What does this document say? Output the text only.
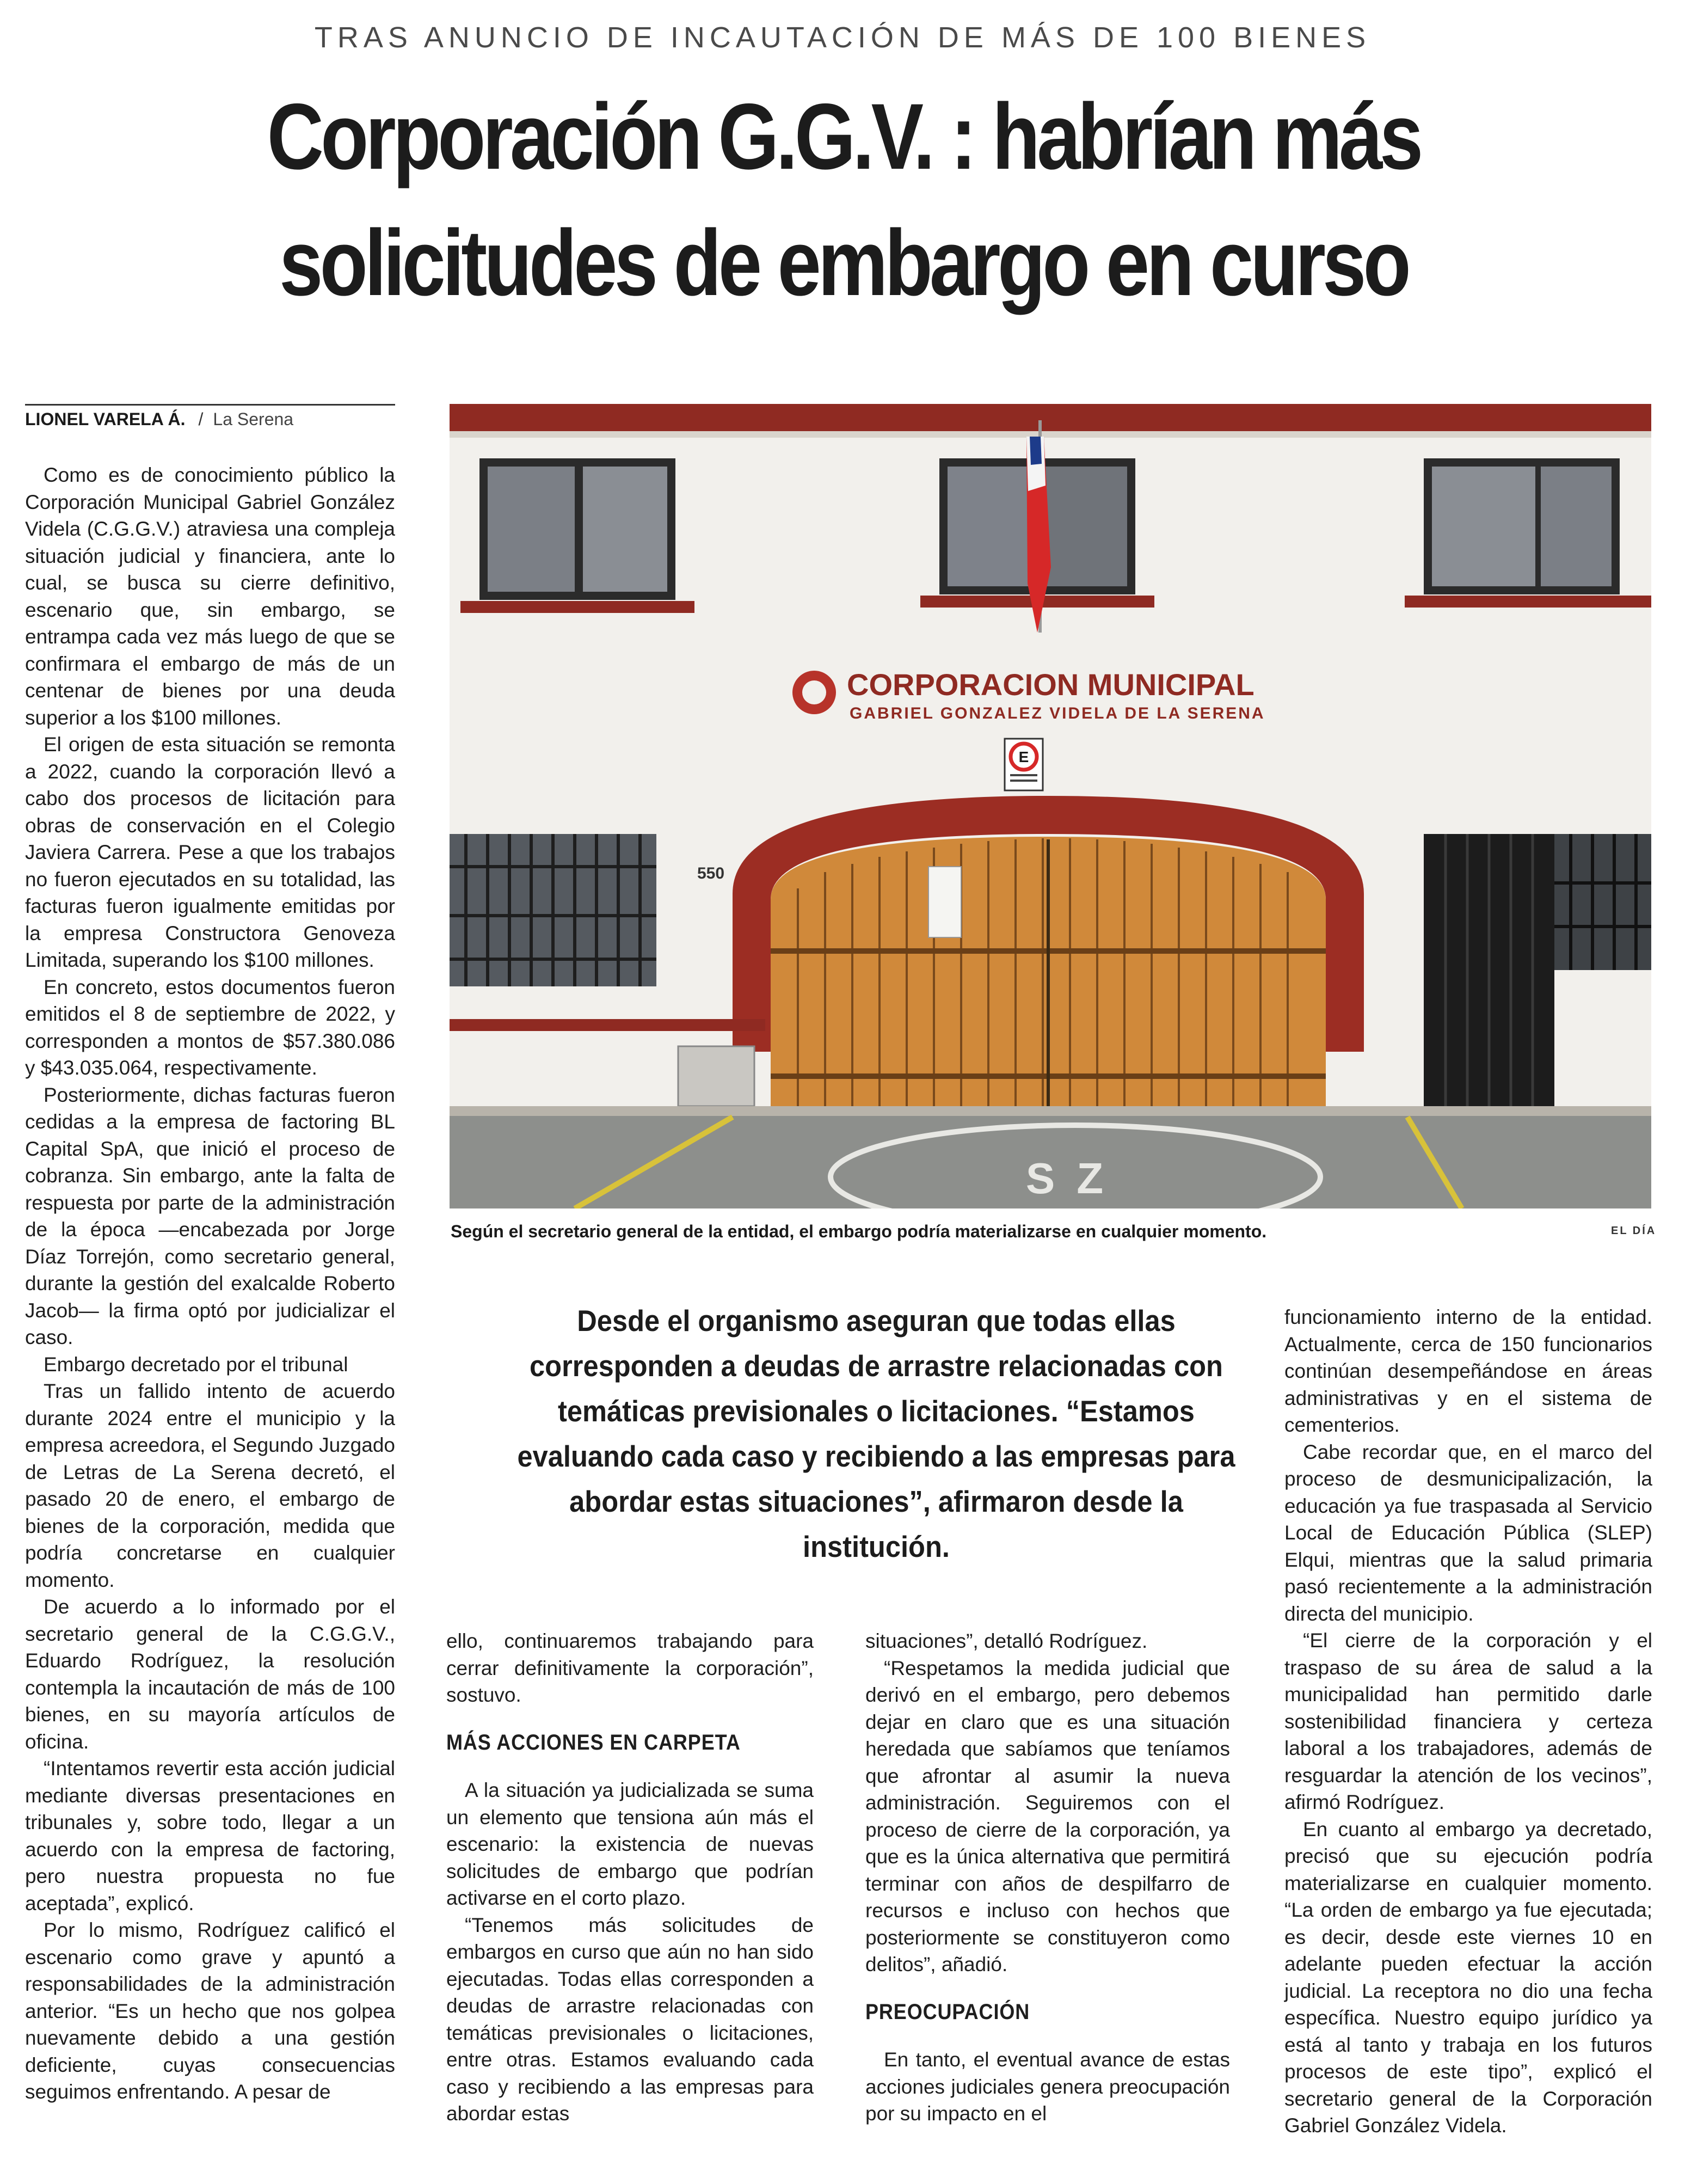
TRAS ANUNCIO DE INCAUTACIÓN DE MÁS DE 100 BIENES
Corporación G.G.V. : habrían más
solicitudes de embargo en curso
LIONEL VARELA Á. / La Serena
CORPORACION MUNICIPAL
GABRIEL GONZALEZ VIDELA DE LA SERENA
E
550
SZ
Según el secretario general de la entidad, el embargo podría materializarse en cualquier momento.	EL DÍA
Desde el organismo aseguran que todas ellas corresponden a deudas de arrastre relacionadas con temáticas previsionales o licitaciones. “Estamos evaluando cada caso y recibiendo a las empresas para abordar estas situaciones”, afirmaron desde la institución.

Como es de conocimiento público la Corporación Municipal Gabriel González Videla (C.G.G.V.) atraviesa una compleja situación judicial y financiera, ante lo cual, se busca su cierre definitivo, escenario que, sin embargo, se entrampa cada vez más luego de que se confirmara el embargo de más de un centenar de bienes por una deuda superior a los $100 millones.

El origen de esta situación se remonta a 2022, cuando la corporación llevó a cabo dos procesos de licitación para obras de conservación en el Colegio Javiera Carrera. Pese a que los trabajos no fueron ejecutados en su totalidad, las facturas fueron igualmente emitidas por la empresa Constructora Genoveza Limitada, superando los $100 millones.

En concreto, estos documentos fueron emitidos el 8 de septiembre de 2022, y corresponden a montos de $57.380.086 y $43.035.064, respectivamente.

Posteriormente, dichas facturas fueron cedidas a la empresa de factoring BL Capital SpA, que inició el proceso de cobranza. Sin embargo, ante la falta de respuesta por parte de la administración de la época —encabezada por Jorge Díaz Torrejón, como secretario general, durante la gestión del exalcalde Roberto Jacob— la firma optó por judicializar el caso.

Embargo decretado por el tribunal

Tras un fallido intento de acuerdo durante 2024 entre el municipio y la empresa acreedora, el Segundo Juzgado de Letras de La Serena decretó, el pasado 20 de enero, el embargo de bienes de la corporación, medida que podría concretarse en cualquier momento.

De acuerdo a lo informado por el secretario general de la C.G.G.V., Eduardo Rodríguez, la resolución contempla la incautación de más de 100 bienes, en su mayoría artículos de oficina.

“Intentamos revertir esta acción judicial mediante diversas presentaciones en tribunales y, sobre todo, llegar a un acuerdo con la empresa de factoring, pero nuestra propuesta no fue aceptada”, explicó.

Por lo mismo, Rodríguez calificó el escenario como grave y apuntó a responsabilidades de la administración anterior. “Es un hecho que nos golpea nuevamente debido a una gestión deficiente, cuyas consecuencias seguimos enfrentando. A pesar de

ello, continuaremos trabajando para cerrar definitivamente la corporación”, sostuvo.

MÁS ACCIONES EN CARPETA

A la situación ya judicializada se suma un elemento que tensiona aún más el escenario: la existencia de nuevas solicitudes de embargo que podrían activarse en el corto plazo.

“Tenemos más solicitudes de embargos en curso que aún no han sido ejecutadas. Todas ellas corresponden a deudas de arrastre relacionadas con temáticas previsionales o licitaciones, entre otras. Estamos evaluando cada caso y recibiendo a las empresas para abordar estas

situaciones”, detalló Rodríguez.

“Respetamos la medida judicial que derivó en el embargo, pero debemos dejar en claro que es una situación heredada que sabíamos que teníamos que afrontar al asumir la nueva administración. Seguiremos con el proceso de cierre de la corporación, ya que es la única alternativa que permitirá terminar con años de despilfarro de recursos e incluso con hechos que posteriormente se constituyeron como delitos”, añadió.

PREOCUPACIÓN

En tanto, el eventual avance de estas acciones judiciales genera preocupación por su impacto en el

funcionamiento interno de la entidad. Actualmente, cerca de 150 funcionarios continúan desempeñándose en áreas administrativas y en el sistema de cementerios.

Cabe recordar que, en el marco del proceso de desmunicipalización, la educación ya fue traspasada al Servicio Local de Educación Pública (SLEP) Elqui, mientras que la salud primaria pasó recientemente a la administración directa del municipio.

“El cierre de la corporación y el traspaso de su área de salud a la municipalidad han permitido darle sostenibilidad financiera y certeza laboral a los trabajadores, además de resguardar la atención de los vecinos”, afirmó Rodríguez.

En cuanto al embargo ya decretado, precisó que su ejecución podría materializarse en cualquier momento. “La orden de embargo ya fue ejecutada; es decir, desde este viernes 10 en adelante pueden efectuar la acción judicial. La receptora no dio una fecha específica. Nuestro equipo jurídico ya está al tanto y trabaja en los futuros procesos de este tipo”, explicó el secretario general de la Corporación Gabriel González Videla.
